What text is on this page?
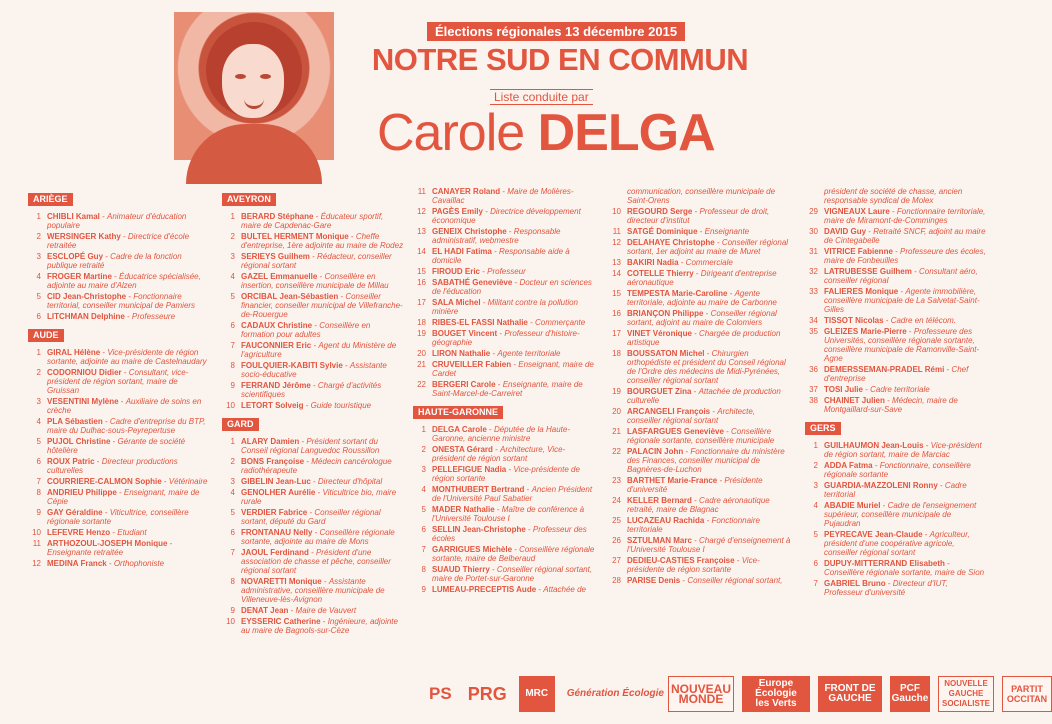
Élections régionales 13 décembre 2015
NOTRE SUD EN COMMUN
Liste conduite par
Carole DELGA
ARIÈGE
1 CHIBLI Kamal - Animateur d'éducation populaire
2 WERSINGER Kathy - Directrice d'école retraitée
3 ESCLOPÉ Guy - Cadre de la fonction publique retraité
4 FROGER Martine - Éducatrice spécialisée, adjointe au maire d'Alzen
5 CID Jean-Christophe - Fonctionnaire territorial, conseiller municipal de Pamiers
6 LITCHMAN Delphine - Professeure
AUDE
1 GIRAL Hélène - Vice-présidente de région sortante, adjointe au maire de Castelnaudary
2 CODORNIOU Didier - Consultant, vice-président de région sortant, maire de Gruissan
3 VESENTINI Mylène - Auxiliaire de soins en crèche
4 PLA Sébastien - Cadre d'entreprise du BTP, maire du Dulhac-sous-Peyrepertuse
5 PUJOL Christine - Gérante de société hôtelière
6 ROUX Patric - Directeur productions culturelles
7 COURRIERE-CALMON Sophie - Vétérinaire
8 ANDRIEU Philippe - Enseignant, maire de Cépie
9 GAY Géraldine - Viticultrice, conseillère régionale sortante
10 LEFEVRE Henzo - Etudiant
11 ARTHOZOUL-JOSEPH Monique - Enseignante retraitée
12 MEDINA Franck - Orthophoniste
AVEYRON
1 BERARD Stéphane - Éducateur sportif, maire de Capdenac-Gare
2 BULTEL HERMENT Monique - Cheffe d'entreprise, 1ère adjointe au maire de Rodez
3 SERIEYS Guilhem - Rédacteur, conseiller régional sortant
4 GAZEL Emmanuelle - Conseillère en insertion, conseillère municipale de Millau
5 ORCIBAL Jean-Sébastien - Conseiller financier, conseiller municipal de Villefranche-de-Rouergue
6 CADAUX Christine - Conseillère en formation pour adultes
7 FAUCONNIER Eric - Agent du Ministère de l'agriculture
8 FOULQUIER-KABITI Sylvie - Assistante socio-éducative
9 FERRAND Jérôme - Chargé d'activités scientifiques
10 LETORT Solveig - Guide touristique
GARD
1 ALARY Damien - Président sortant du Conseil régional Languedoc Roussillon
2 BONS Françoise - Médecin cancérologue radiothérapeute
3 GIBELIN Jean-Luc - Directeur d'hôpital
4 GENOLHER Aurélie - Viticultrice bio, maire rurale
5 VERDIER Fabrice - Conseiller régional sortant, député du Gard
6 FRONTANAU Nelly - Conseillère régionale sortante, adjointe au maire de Mons
7 JAOUL Ferdinand - Président d'une association de chasse et pêche, conseiller régional sortant
8 NOVARETTI Monique - Assistante administrative, conseillère municipale de Villeneuve-lès-Avignon
9 DENAT Jean - Maire de Vauvert
10 EYSSERIC Catherine - Ingénieure, adjointe au maire de Bagnols-sur-Cèze
11 CANAYER Roland - Maire de Molières-Cavaillac
12 PAGÈS Emily - Directrice développement économique
13 GENEIX Christophe - Responsable administratif, webmestre
14 EL HADI Fatima - Responsable aide à domicile
15 FIROUD Eric - Professeur
16 SABATHÉ Geneviève - Docteur en sciences de l'éducation
17 SALA Michel - Militant contre la pollution minière
18 RIBES-EL FASSI Nathalie - Commerçante
19 BOUGET Vincent - Professeur d'histoire-géographie
20 LIRON Nathalie - Agente territoriale
21 CRUVEILLER Fabien - Enseignant, maire de Cardet
22 BERGERI Carole - Enseignante, maire de Saint-Marcel-de-Carreiret
HAUTE-GARONNE
1 DELGA Carole - Députée de la Haute-Garonne, ancienne ministre
2 ONESTA Gérard - Architecture, Vice-président de région sortant
3 PELLEFIGUE Nadia - Vice-présidente de région sortante
4 MONTHUBERT Bertrand - Ancien Président de l'Université Paul Sabatier
5 MADER Nathalie - Maître de conférence à l'Université Toulouse I
6 SELLIN Jean-Christophe - Professeur des écoles
7 GARRIGUES Michèle - Conseillère régionale sortante, maire de Belberaud
8 SUAUD Thierry - Conseiller régional sortant, maire de Portet-sur-Garonne
9 LUMEAU-PRECEPTIS Aude - Attachée de
communication, conseillère municipale de Saint-Orens
10 REGOURD Serge - Professeur de droit, directeur d'institut
11 SATGÉ Dominique - Enseignante
12 DELAHAYE Christophe - Conseiller régional sortant, 1er adjoint au maire de Muret
13 BAKIRI Nadia - Commerciale
14 COTELLE Thierry - Dirigeant d'entreprise aéronautique
15 TEMPESTA Marie-Caroline - Agente territoriale, adjointe au maire de Carbonne
16 BRIANÇON Philippe - Conseiller régional sortant, adjoint au maire de Colomiers
17 VINET Véronique - Chargée de production artistique
18 BOUSSATON Michel - Chirurgien orthopédiste et président du Conseil régional de l'Ordre des médecins de Midi-Pyrénées, conseiller régional sortant
19 BOURGUET Zina - Attachée de production culturelle
20 ARCANGELI François - Architecte, conseiller régional sortant
21 LASFARGUES Geneviève - Conseillère régionale sortante, conseillère municipale
22 PALACIN John - Fonctionnaire du ministère des Finances, conseiller municipal de Bagnères-de-Luchon
23 BARTHET Marie-France - Présidente d'université
24 KELLER Bernard - Cadre aéronautique retraité, maire de Blagnac
25 LUCAZEAU Rachida - Fonctionnaire territoriale
26 SZTULMAN Marc - Chargé d'enseignement à l'Université Toulouse I
27 DEDIEU-CASTIES Françoise - Vice-présidente de région sortante
28 PARISE Denis - Conseiller régional sortant,
président de société de chasse, ancien responsable syndical de Molex
29 VIGNEAUX Laure - Fonctionnaire territoriale, maire de Miramont-de-Comminges
30 DAVID Guy - Retraité SNCF, adjoint au maire de Cintegabelle
31 VITRICE Fabienne - Professeure des écoles, maire de Fonbeuilles
32 LATRUBESSE Guilhem - Consultant aéro, conseiller régional
33 FALIERES Monique - Agente immobilière, conseillère municipale de La Salvetat-Saint-Gilles
34 TISSOT Nicolas - Cadre en télécom.
35 GLEIZES Marie-Pierre - Professeure des Universités, conseillère régionale sortante, conseillère municipale de Ramonville-Saint-Agne
36 DEMERSSEMAN-PRADEL Rémi - Chef d'entreprise
37 TOSI Julie - Cadre territoriale
38 CHAINET Julien - Médecin, maire de Montgaillard-sur-Save
GERS
1 GUILHAUMON Jean-Louis - Vice-président de région sortant, maire de Marciac
2 ADDA Fatma - Fonctionnaire, conseillère régionale sortante
3 GUARDIA-MAZZOLENI Ronny - Cadre territorial
4 ABADIE Muriel - Cadre de l'enseignement supérieur, conseillère municipale de Pujaudran
5 PEYRECAVE Jean-Claude - Agriculteur, président d'une coopérative agricole, conseiller régional sortant
6 DUPUY-MITTERRAND Elisabeth - Conseillère régionale sortante, maire de Sion
7 GABRIEL Bruno - Directeur d'IUT, Professeur d'université
PS PRG	MRC	Génération Écologie NOUVEAU MONDE
Europe Écologie les Verts
FRONT DE GAUCHE
PCF Gauche
NOUVELLE GAUCHE SOCIALISTE
PARTIT OCCITAN
